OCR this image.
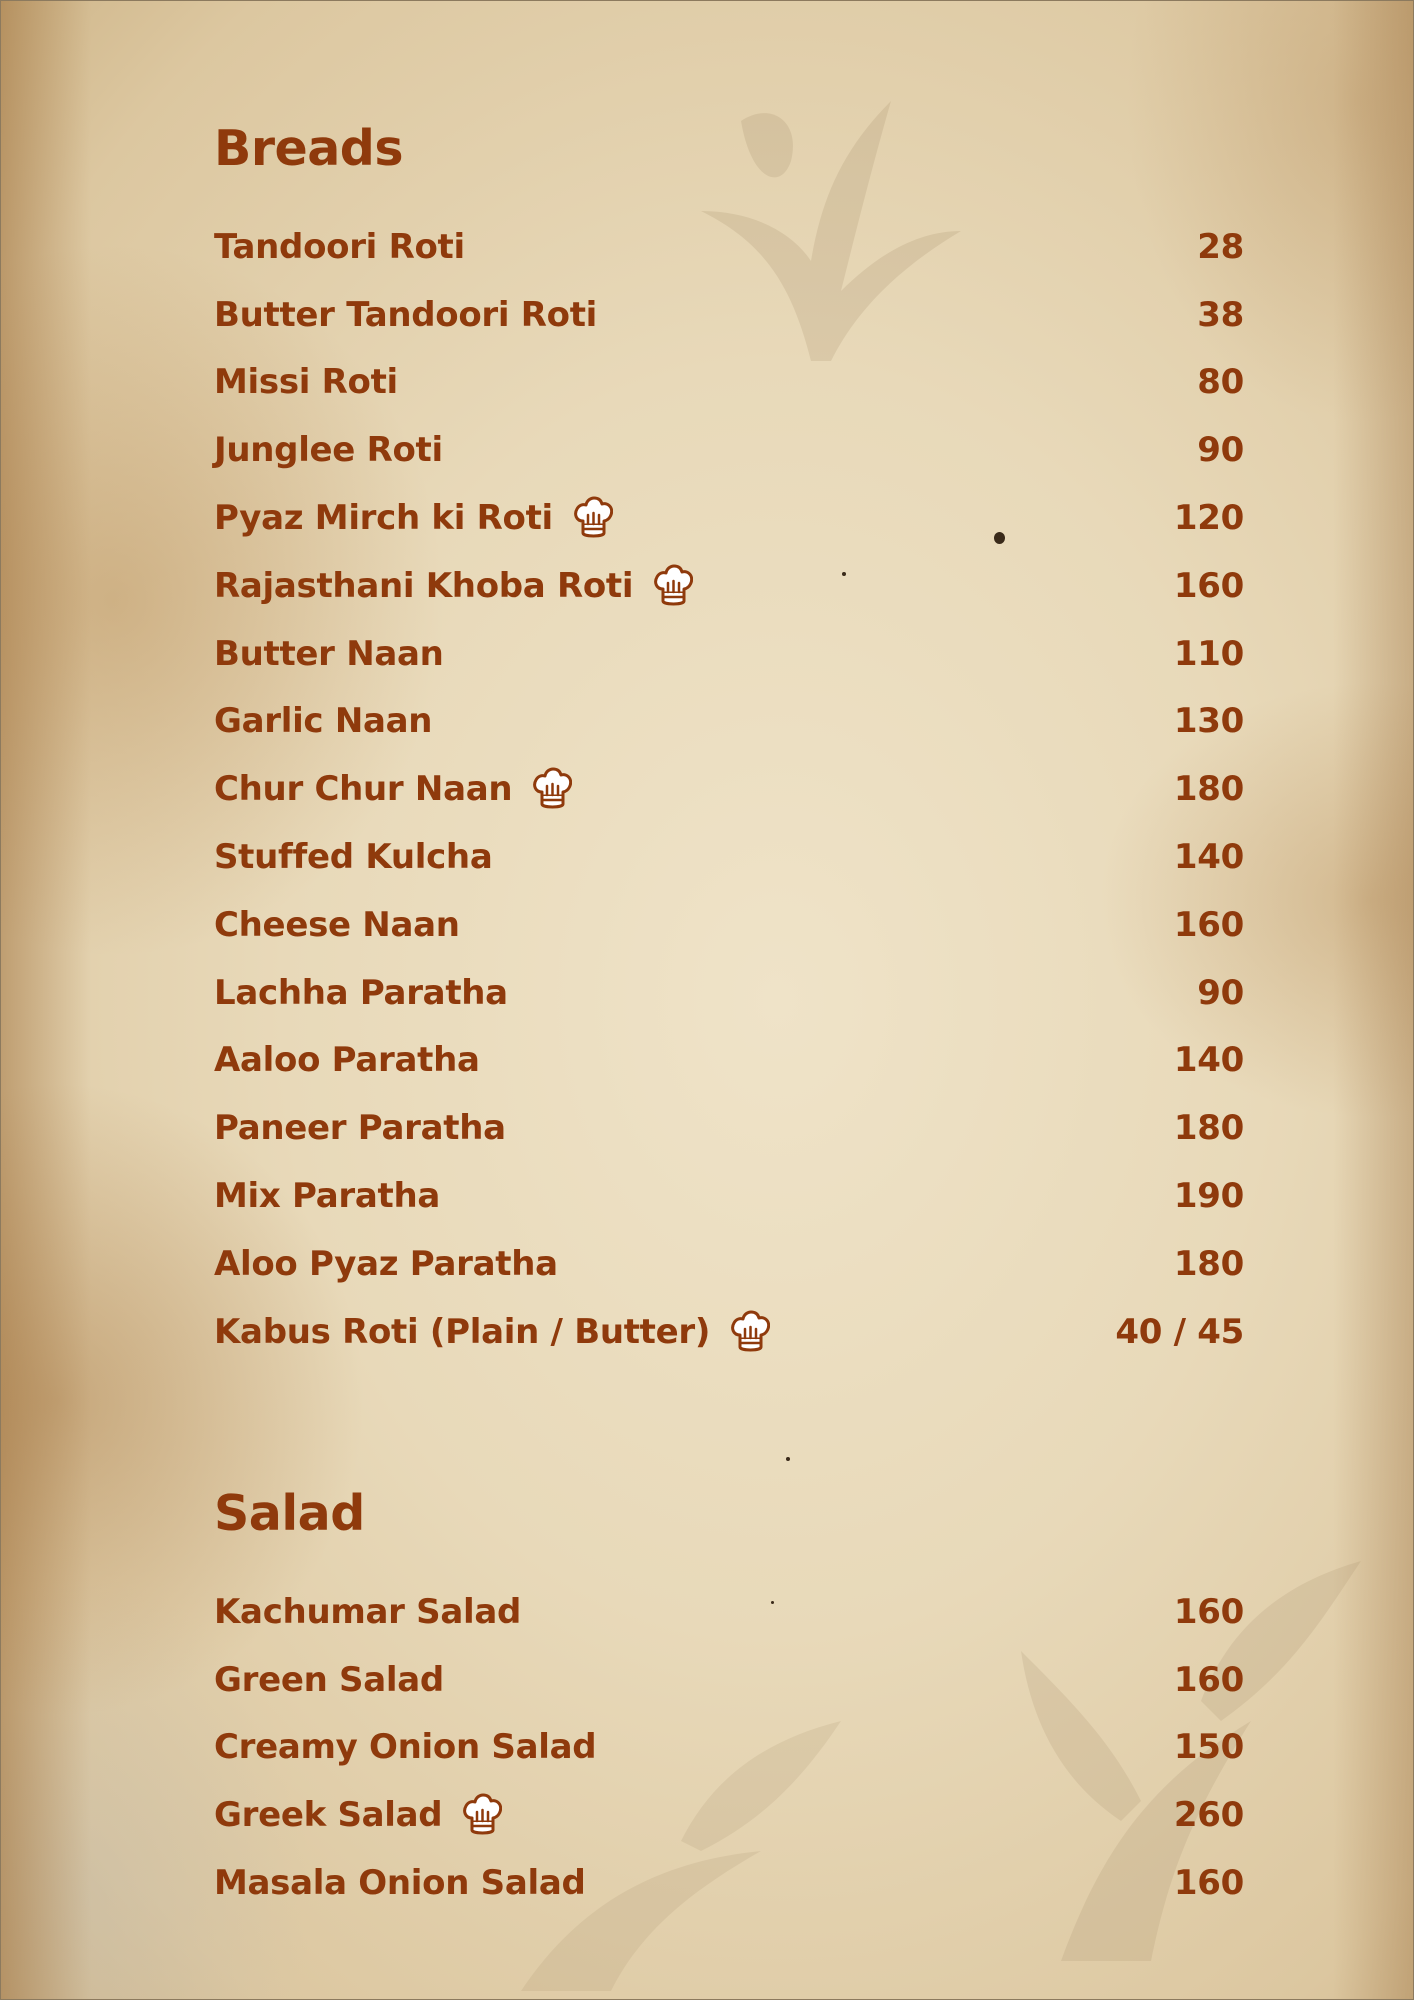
Breads
Tandoori Roti	28
Butter Tandoori Roti	38
Missi Roti	80
Junglee Roti	90
Pyaz Mirch ki Roti	120
Rajasthani Khoba Roti	160
Butter Naan	110
Garlic Naan	130
Chur Chur Naan	180
Stuffed Kulcha	140
Cheese Naan	160
Lachha Paratha	90
Aaloo Paratha	140
Paneer Paratha	180
Mix Paratha	190
Aloo Pyaz Paratha	180
Kabus Roti (Plain / Butter)	40 / 45
Salad
Kachumar Salad	160
Green Salad	160
Creamy Onion Salad	150
Greek Salad	260
Masala Onion Salad	160
